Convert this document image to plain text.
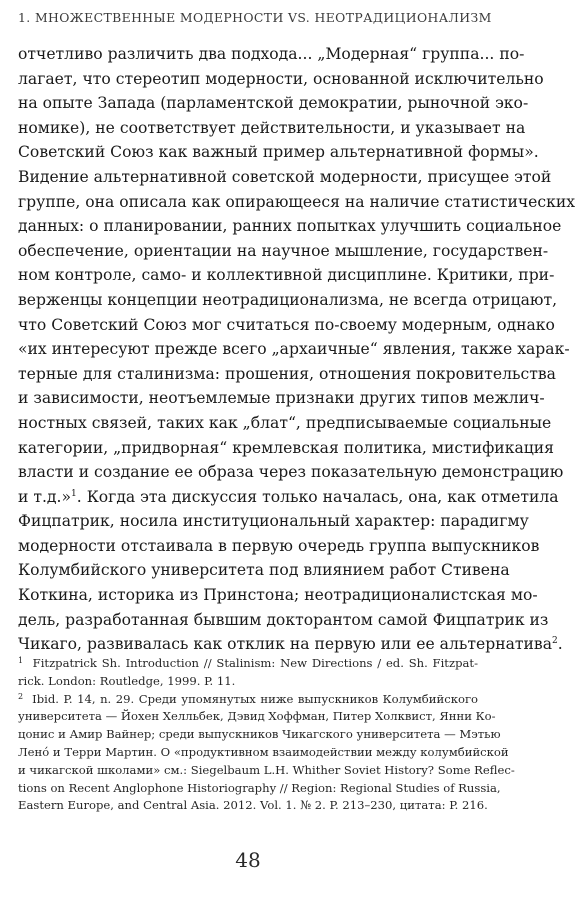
1. МНОЖЕСТВЕННЫЕ МОДЕРНОСТИ VS. НЕОТРАДИЦИОНАЛИЗМ
отчетливо различить два подхода... „Модерная“ группа... по-
лагает, что стереотип модерности, основанной исключительно
на опыте Запада (парламентской демократии, рыночной эко-
номике), не соответствует действительности, и указывает на
Советский Союз как важный пример альтернативной формы».
Видение альтернативной советской модерности, присущее этой
группе, она описала как опирающееся на наличие статистических
данных: о планировании, ранних попытках улучшить социальное
обеспечение, ориентации на научное мышление, государствен-
ном контроле, само- и коллективной дисциплине. Критики, при-
верженцы концепции неотрадиционализма, не всегда отрицают,
что Советский Союз мог считаться по-своему модерным, однако
«их интересуют прежде всего „архаичные“ явления, также харак-
терные для сталинизма: прошения, отношения покровительства
и зависимости, неотъемлемые признаки других типов межлич-
ностных связей, таких как „блат“, предписываемые социальные
категории, „придворная“ кремлевская политика, мистификация
власти и создание ее образа через показательную демонстрацию
и т.д.»$^1$. Когда эта дискуссия только началась, она, как отметила
Фицпатрик, носила институциональный характер: парадигму
модерности отстаивала в первую очередь группа выпускников
Колумбийского университета под влиянием работ Стивена
Коткина, историка из Принстона; неотрадиционалистская мо-
дель, разработанная бывшим докторантом самой Фицпатрик из
Чикаго, развивалась как отклик на первую или ее альтернатива$^2$.
$^1$ Fitzpatrick Sh. Introduction // Stalinism: New Directions / ed. Sh. Fitzpat-
rick. London: Routledge, 1999. P. 11.
$^2$ Ibid. P. 14, n. 29. Среди упомянутых ниже выпускников Колумбийского
университета — Йохен Хелльбек, Дэвид Хоффман, Питер Холквист, Янни Ко-
цонис и Амир Вайнер; среди выпускников Чикагского университета — Мэтью
Ленó и Терри Мартин. О «продуктивном взаимодействии между колумбийской
и чикагской школами» см.: Siegelbaum L.H. Whither Soviet History? Some Reflec-
tions on Recent Anglophone Historiography // Region: Regional Studies of Russia,
Eastern Europe, and Central Asia. 2012. Vol. 1. № 2. P. 213–230, цитата: P. 216.
48
